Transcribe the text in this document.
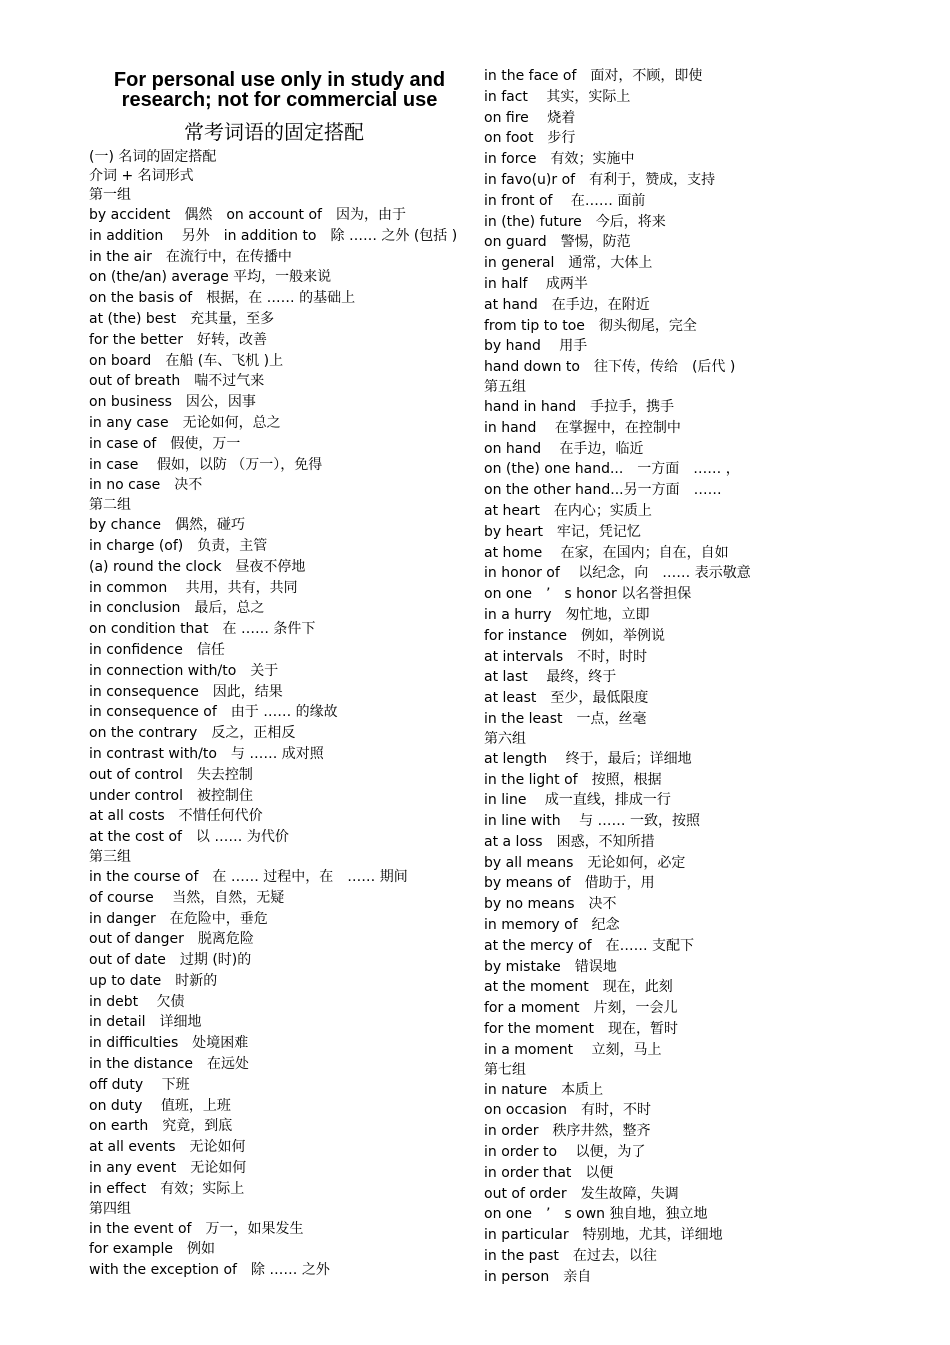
For personal use only in study and research; not for commercial use
常考词语的固定搭配
(一) 名词的固定搭配
介词 + 名词形式
第一组
by accident　偶然　on account of　因为，由于
in addition　 另外　in addition to　除 …… 之外 (包括 )
in the air　在流行中，在传播中
on (the/an) average 平均，一般来说
on the basis of　根据，在 …… 的基础上
at (the) best　充其量，至多
for the better　好转，改善
on board　在船 (车、飞机 )上
out of breath　喘不过气来
on business　因公，因事
in any case　无论如何，总之
in case of　假使，万一
in case　 假如，以防 （万一），免得
in no case　决不
第二组
by chance　偶然，碰巧
in charge (of)　负责，主管
(a) round the clock　昼夜不停地
in common　 共用，共有，共同
in conclusion　最后，总之
on condition that　在 …… 条件下
in confidence　信任
in connection with/to　关于
in consequence　因此，结果
in consequence of　由于 …… 的缘故
on the contrary　反之，正相反
in contrast with/to　与 …… 成对照
out of control　失去控制
under control　被控制住
at all costs　不惜任何代价
at the cost of　以 …… 为代价
第三组
in the course of　在 …… 过程中，在　…… 期间
of course　 当然，自然，无疑
in danger　在危险中，垂危
out of danger　脱离危险
out of date　过期 (时)的
up to date　时新的
in debt　 欠债
in detail　详细地
in difficulties　处境困难
in the distance　在远处
off duty　 下班
on duty　 值班，上班
on earth　究竟，到底
at all events　无论如何
in any event　无论如何
in effect　有效；实际上
第四组
in the event of　万一，如果发生
for example　例如
with the exception of　除 …… 之外
in the face of　面对，不顾，即使
in fact　 其实，实际上
on fire　 烧着
on foot　步行
in force　有效；实施中
in favo(u)r of　有利于，赞成，支持
in front of　 在…… 面前
in (the) future　今后，将来
on guard　警惕，防范
in general　通常，大体上
in half　 成两半
at hand　在手边，在附近
from tip to toe　彻头彻尾，完全
by hand　 用手
hand down to　往下传，传给　(后代 )
第五组
hand in hand　手拉手，携手
in hand　 在掌握中，在控制中
on hand　 在手边，临近
on (the) one hand...　一方面　…… ，
on the other hand...另一方面　……
at heart　在内心；实质上
by heart　牢记，凭记忆
at home　 在家，在国内；自在，自如
in honor of　 以纪念，向　…… 表示敬意
on one　’　s honor 以名誉担保
in a hurry　匆忙地，立即
for instance　例如，举例说
at intervals　不时，时时
at last　 最终，终于
at least　至少，最低限度
in the least　一点，丝毫
第六组
at length　 终于，最后；详细地
in the light of　按照，根据
in line　 成一直线，排成一行
in line with　 与 …… 一致，按照
at a loss　困惑，不知所措
by all means　无论如何，必定
by means of　借助于，用
by no means　决不
in memory of　纪念
at the mercy of　在…… 支配下
by mistake　错误地
at the moment　现在，此刻
for a moment　片刻，一会儿
for the moment　现在，暂时
in a moment　 立刻，马上
第七组
in nature　本质上
on occasion　有时，不时
in order　秩序井然，整齐
in order to　 以便，为了
in order that　以便
out of order　发生故障，失调
on one　’　s own 独自地，独立地
in particular　特别地，尤其，详细地
in the past　在过去，以往
in person　亲自
